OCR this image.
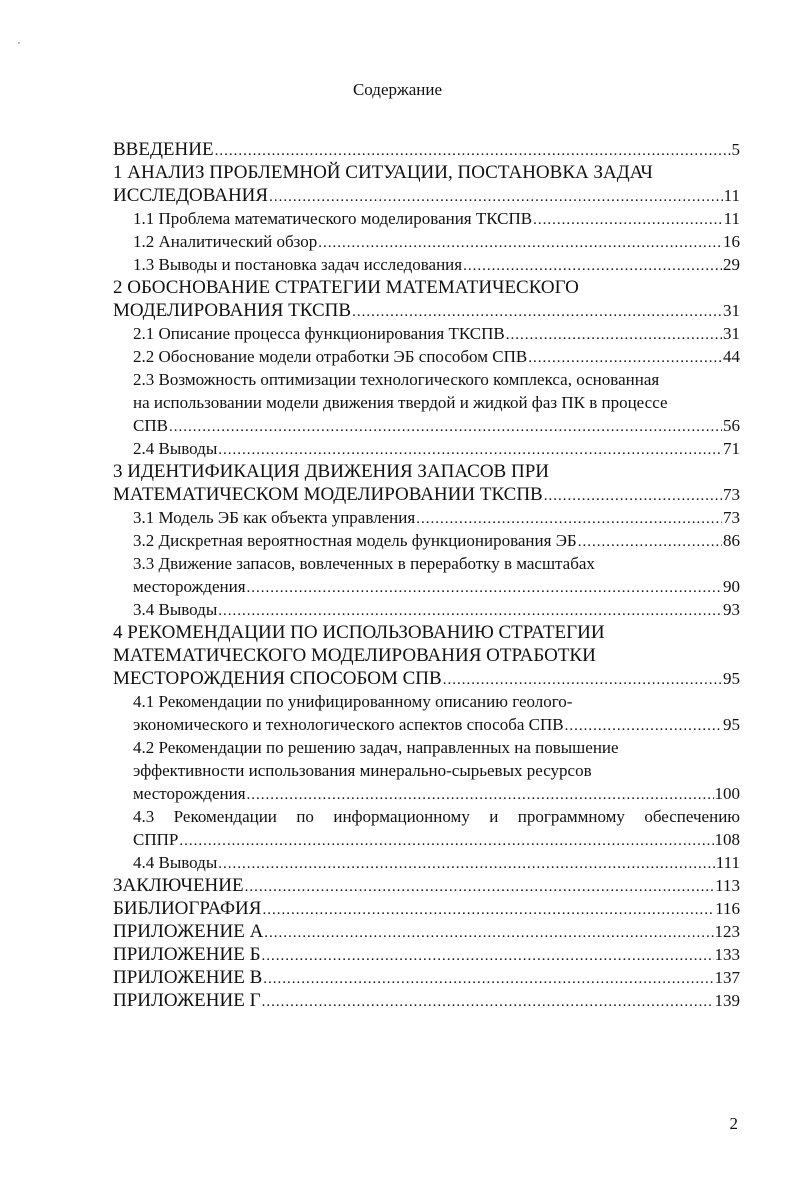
Содержание
ВВЕДЕНИЕ .....	5
1 АНАЛИЗ ПРОБЛЕМНОЙ СИТУАЦИИ, ПОСТАНОВКА ЗАДАЧ
ИССЛЕДОВАНИЯ .....	11
1.1 Проблема математического моделирования ТКСПВ .....	11
1.2 Аналитический обзор .....	16
1.3 Выводы и постановка задач исследования .....	29
2 ОБОСНОВАНИЕ СТРАТЕГИИ МАТЕМАТИЧЕСКОГО
МОДЕЛИРОВАНИЯ ТКСПВ .....	31
2.1 Описание процесса функционирования ТКСПВ .....	31
2.2 Обоснование модели отработки ЭБ способом СПВ .....	44
2.3 Возможность оптимизации технологического комплекса, основанная
на использовании модели движения твердой и жидкой фаз ПК в процессе
СПВ .....	56
2.4 Выводы .....	71
3 ИДЕНТИФИКАЦИЯ ДВИЖЕНИЯ ЗАПАСОВ ПРИ
МАТЕМАТИЧЕСКОМ МОДЕЛИРОВАНИИ ТКСПВ .....	73
3.1 Модель ЭБ как объекта управления .....	73
3.2 Дискретная вероятностная модель функционирования ЭБ .....	86
3.3 Движение запасов, вовлеченных в переработку в масштабах
месторождения .....	90
3.4 Выводы .....	93
4 РЕКОМЕНДАЦИИ ПО ИСПОЛЬЗОВАНИЮ СТРАТЕГИИ
МАТЕМАТИЧЕСКОГО МОДЕЛИРОВАНИЯ ОТРАБОТКИ
МЕСТОРОЖДЕНИЯ СПОСОБОМ СПВ .....	95
4.1 Рекомендации по унифицированному описанию геолого-
экономического и технологического аспектов способа СПВ .....	95
4.2 Рекомендации по решению задач, направленных на повышение
эффективности использования минерально-сырьевых ресурсов
месторождения .....	100
4.3 Рекомендации по информационному и программному обеспечению
СППР .....	108
4.4 Выводы .....	111
ЗАКЛЮЧЕНИЕ .....	113
БИБЛИОГРАФИЯ .....	116
ПРИЛОЖЕНИЕ А .....	123
ПРИЛОЖЕНИЕ Б .....	133
ПРИЛОЖЕНИЕ В .....	137
ПРИЛОЖЕНИЕ Г .....	139
2
